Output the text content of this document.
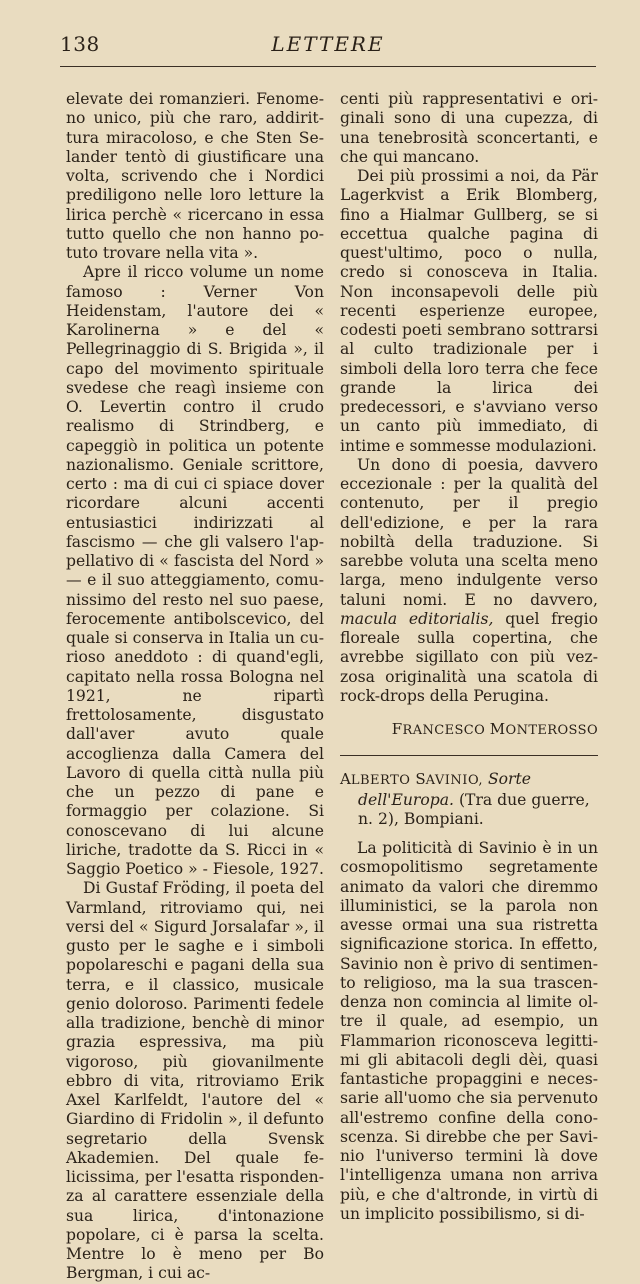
138	LETTERE

elevate dei romanzieri. Fenomeno unico, più che raro, addirittura miracoloso, e che Sten Selander tentò di giustificare una volta, scrivendo che i Nordici prediligono nelle loro letture la lirica perchè « ricercano in essa tutto quello che non hanno potuto trovare nella vita ».

Apre il ricco volume un nome famoso : Verner Von Heidenstam, l'autore dei « Karolinerna » e del « Pellegrinaggio di S. Brigida », il capo del movimento spirituale svedese che reagì insieme con O. Levertin contro il crudo realismo di Strindberg, e capeggiò in politica un potente nazionalismo. Geniale scrittore, certo : ma di cui ci spiace dover ricordare alcuni accenti entusiastici indirizzati al fascismo — che gli valsero l'appellativo di « fascista del Nord » — e il suo atteggiamento, comunissimo del resto nel suo paese, ferocemente antibolscevico, del quale si conserva in Italia un curioso aneddoto : di quand'egli, capitato nella rossa Bologna nel 1921, ne ripartì frettolosamente, disgustato dall'aver avuto quale accoglienza dalla Camera del Lavoro di quella città nulla più che un pezzo di pane e formaggio per colazione. Si conoscevano di lui alcune liriche, tradotte da S. Ricci in « Saggio Poetico » - Fiesole, 1927.

Di Gustaf Fröding, il poeta del Varmland, ritroviamo qui, nei versi del « Sigurd Jorsalafar », il gusto per le saghe e i simboli popolareschi e pagani della sua terra, e il classico, musicale genio doloroso. Parimenti fedele alla tradizione, benchè di minor grazia espressiva, ma più vigoroso, più giovanilmente ebbro di vita, ritroviamo Erik Axel Karlfeldt, l'autore del « Giardino di Fridolin », il defunto segretario della Svensk Akademien. Del quale felicissima, per l'esatta rispondenza al carattere essenziale della sua lirica, d'intonazione popolare, ci è parsa la scelta. Mentre lo è meno per Bo Bergman, i cui ac-

centi più rappresentativi e originali sono di una cupezza, di una tenebrosità sconcertanti, e che qui mancano.

Dei più prossimi a noi, da Pär Lagerkvist a Erik Blomberg, fino a Hialmar Gullberg, se si eccettua qualche pagina di quest'ultimo, poco o nulla, credo si conosceva in Italia. Non inconsapevoli delle più recenti esperienze europee, codesti poeti sembrano sottrarsi al culto tradizionale per i simboli della loro terra che fece grande la lirica dei predecessori, e s'avviano verso un canto più immediato, di intime e sommesse modulazioni.

Un dono di poesia, davvero eccezionale : per la qualità del contenuto, per il pregio dell'edizione, e per la rara nobiltà della traduzione. Si sarebbe voluta una scelta meno larga, meno indulgente verso taluni nomi. E no davvero, macula editorialis, quel fregio floreale sulla copertina, che avrebbe sigillato con più vezzosa originalità una scatola di rock-drops della Perugina.

FRANCESCO MONTEROSSO

ALBERTO SAVINIO, Sorte dell'Europa. (Tra due guerre, n. 2), Bompiani.

La politicità di Savinio è in un cosmopolitismo segretamente animato da valori che diremmo illuministici, se la parola non avesse ormai una sua ristretta significazione storica. In effetto, Savinio non è privo di sentimento religioso, ma la sua trascendenza non comincia al limite oltre il quale, ad esempio, un Flammarion riconosceva legittimi gli abitacoli degli dèi, quasi fantastiche propaggini e necessarie all'uomo che sia pervenuto all'estremo confine della conoscenza. Si direbbe che per Savinio l'universo termini là dove l'intelligenza umana non arriva più, e che d'altronde, in virtù di un implicito possibilismo, si di-
